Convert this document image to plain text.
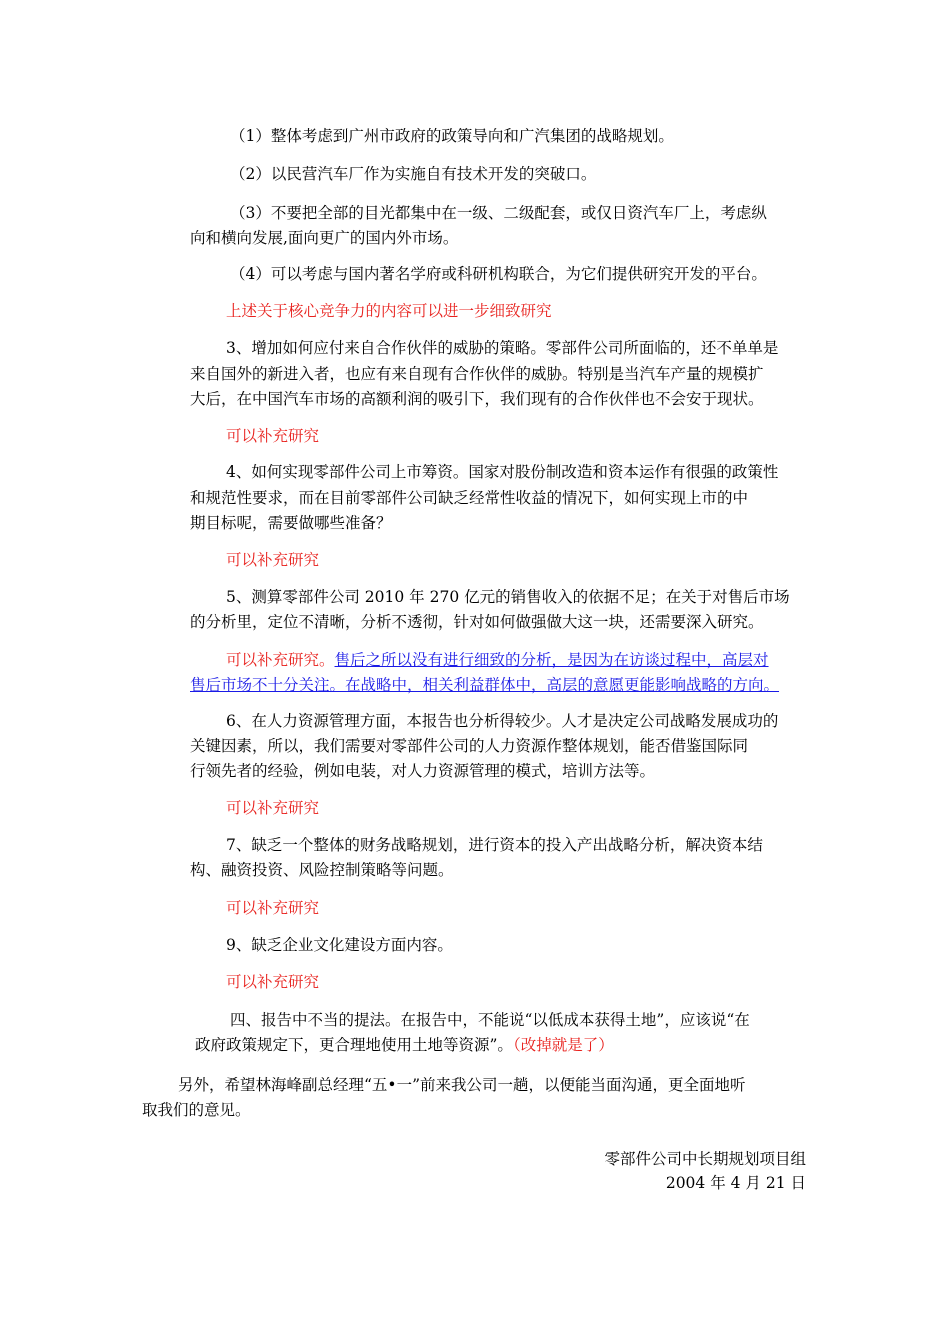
（1）整体考虑到广州市政府的政策导向和广汽集团的战略规划。

（2）以民营汽车厂作为实施自有技术开发的突破口。

（3）不要把全部的目光都集中在一级、二级配套，或仅日资汽车厂上，考虑纵

向和横向发展,面向更广的国内外市场。

（4）可以考虑与国内著名学府或科研机构联合，为它们提供研究开发的平台。

上述关于核心竞争力的内容可以进一步细致研究

3、增加如何应付来自合作伙伴的威胁的策略。零部件公司所面临的，还不单单是

来自国外的新进入者，也应有来自现有合作伙伴的威胁。特别是当汽车产量的规模扩

大后，在中国汽车市场的高额利润的吸引下，我们现有的合作伙伴也不会安于现状。

可以补充研究

4、如何实现零部件公司上市筹资。国家对股份制改造和资本运作有很强的政策性

和规范性要求，而在目前零部件公司缺乏经常性收益的情况下，如何实现上市的中

期目标呢，需要做哪些准备？

可以补充研究

5、测算零部件公司 2010 年 270 亿元的销售收入的依据不足；在关于对售后市场

的分析里，定位不清晰，分析不透彻，针对如何做强做大这一块，还需要深入研究。

可以补充研究。售后之所以没有进行细致的分析，是因为在访谈过程中，高层对

售后市场不十分关注。在战略中，相关利益群体中，高层的意愿更能影响战略的方向。

6、在人力资源管理方面，本报告也分析得较少。人才是决定公司战略发展成功的

关键因素，所以，我们需要对零部件公司的人力资源作整体规划，能否借鉴国际同

行领先者的经验，例如电装，对人力资源管理的模式，培训方法等。

可以补充研究

7、缺乏一个整体的财务战略规划，进行资本的投入产出战略分析，解决资本结

构、融资投资、风险控制策略等问题。

可以补充研究

9、缺乏企业文化建设方面内容。

可以补充研究

四、报告中不当的提法。在报告中，不能说“以低成本获得土地”，应该说“在

政府政策规定下，更合理地使用土地等资源”。（改掉就是了）

另外，希望林海峰副总经理“五•一”前来我公司一趟，以便能当面沟通，更全面地听

取我们的意见。

零部件公司中长期规划项目组
2004 年 4 月 21 日
